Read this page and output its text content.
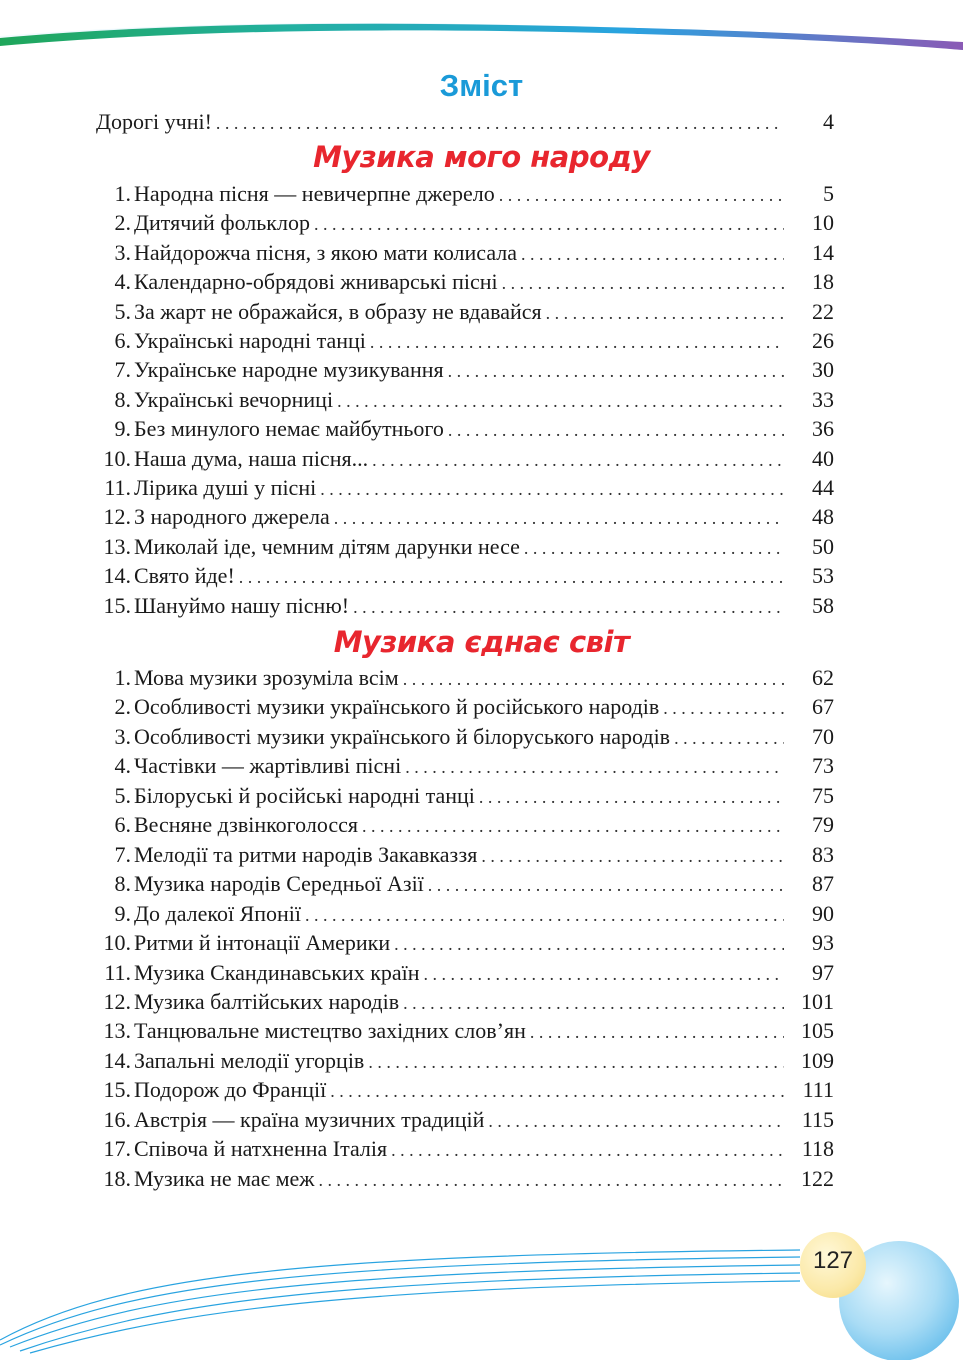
Зміст
Дорогі учні! . . .	4
Музика мого народу
1. Народна пісня — невичерпне джерело . . .	5
2. Дитячий фольклор . . .	10
3. Найдорожча пісня, з якою мати колисала . . .	14
4. Календарно-обрядові жниварські пісні . . .	18
5. За жарт не ображайся, в образу не вдавайся . . .	22
6. Українські народні танці . . .	26
7. Українське народне музикування . . .	30
8. Українські вечорниці . . .	33
9. Без минулого немає майбутнього . . .	36
10. Наша дума, наша пісня... . . .	40
11. Лірика душі у пісні . . .	44
12. З народного джерела . . .	48
13. Миколай іде, чемним дітям дарунки несе . . .	50
14. Свято йде! . . .	53
15. Шануймо нашу пісню! . . .	58
Музика єднає світ
1. Мова музики зрозуміла всім . . .	62
2. Особливості музики українського й російського народів . . .	67
3. Особливості музики українського й білоруського народів . . .	70
4. Частівки — жартівливі пісні . . .	73
5. Білоруські й російські народні танці . . .	75
6. Весняне дзвінкоголосся . . .	79
7. Мелодії та ритми народів Закавказзя . . .	83
8. Музика народів Середньої Азії . . .	87
9. До далекої Японії . . .	90
10. Ритми й інтонації Америки . . .	93
11. Музика Скандинавських країн . . .	97
12. Музика балтійських народів . . .	101
13. Танцювальне мистецтво західних слов’ян . . .	105
14. Запальні мелодії угорців . . .	109
15. Подорож до Франції . . .	111
16. Австрія — країна музичних традицій . . .	115
17. Співоча й натхненна Італія . . .	118
18. Музика не має меж . . .	122
127
